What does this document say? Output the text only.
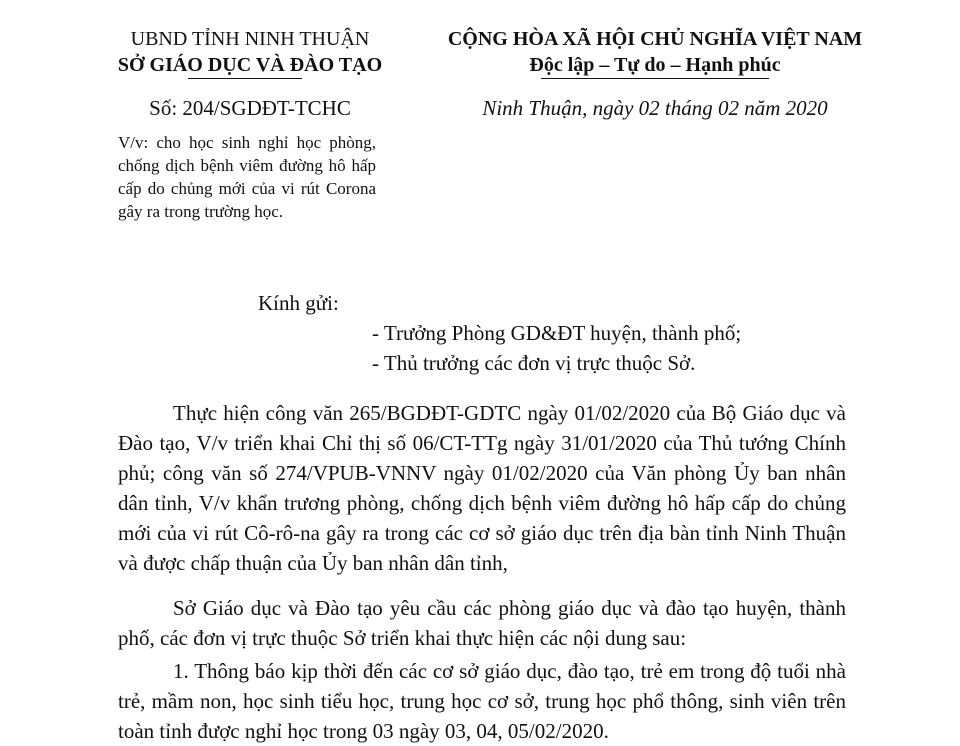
UBND TỈNH NINH THUẬN
SỞ GIÁO DỤC VÀ ĐÀO TẠO
CỘNG HÒA XÃ HỘI CHỦ NGHĨA VIỆT NAM
Độc lập – Tự do – Hạnh phúc
Số: 204/SGDĐT-TCHC	Ninh Thuận, ngày 02 tháng 02 năm 2020
V/v: cho học sinh nghỉ học phòng, chống dịch bệnh viêm đường hô hấp cấp do chủng mới của vi rút Corona gây ra trong trường học.
Kính gửi:
- Trưởng Phòng GD&ĐT huyện, thành phố;
- Thủ trưởng các đơn vị trực thuộc Sở.

Thực hiện công văn 265/BGDĐT-GDTC ngày 01/02/2020 của Bộ Giáo dục và Đào tạo, V/v triển khai Chỉ thị số 06/CT-TTg ngày 31/01/2020 của Thủ tướng Chính phủ; công văn số 274/VPUB-VNNV ngày 01/02/2020 của Văn phòng Ủy ban nhân dân tỉnh, V/v khẩn trương phòng, chống dịch bệnh viêm đường hô hấp cấp do chủng mới của vi rút Cô-rô-na gây ra trong các cơ sở giáo dục trên địa bàn tỉnh Ninh Thuận và được chấp thuận của Ủy ban nhân dân tỉnh,

Sở Giáo dục và Đào tạo yêu cầu các phòng giáo dục và đào tạo huyện, thành phố, các đơn vị trực thuộc Sở triển khai thực hiện các nội dung sau:

1. Thông báo kịp thời đến các cơ sở giáo dục, đào tạo, trẻ em trong độ tuổi nhà trẻ, mầm non, học sinh tiểu học, trung học cơ sở, trung học phổ thông, sinh viên trên toàn tỉnh được nghỉ học trong 03 ngày 03, 04, 05/02/2020.
